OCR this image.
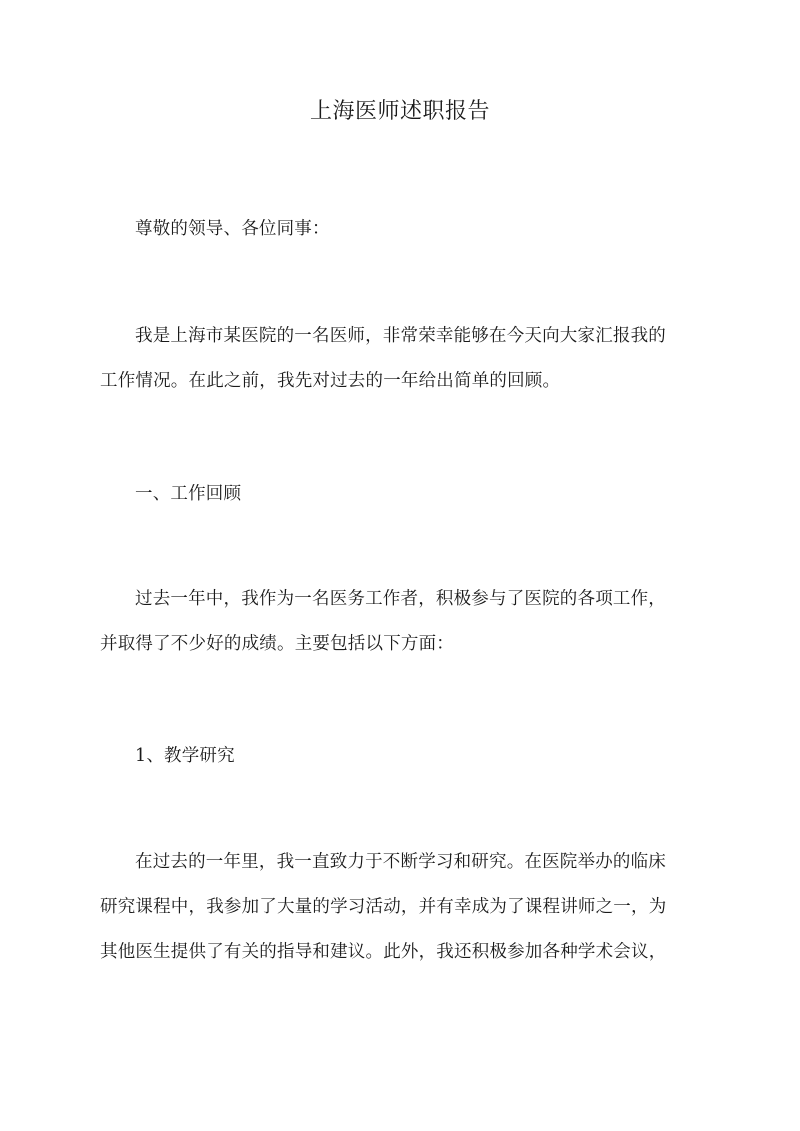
上海医师述职报告

尊敬的领导、各位同事：

我是上海市某医院的一名医师，非常荣幸能够在今天向大家汇报我的
工作情况。在此之前，我先对过去的一年给出简单的回顾。

一、工作回顾

过去一年中，我作为一名医务工作者，积极参与了医院的各项工作，
并取得了不少好的成绩。主要包括以下方面：

1、教学研究

在过去的一年里，我一直致力于不断学习和研究。在医院举办的临床
研究课程中，我参加了大量的学习活动，并有幸成为了课程讲师之一，为
其他医生提供了有关的指导和建议。此外，我还积极参加各种学术会议，
